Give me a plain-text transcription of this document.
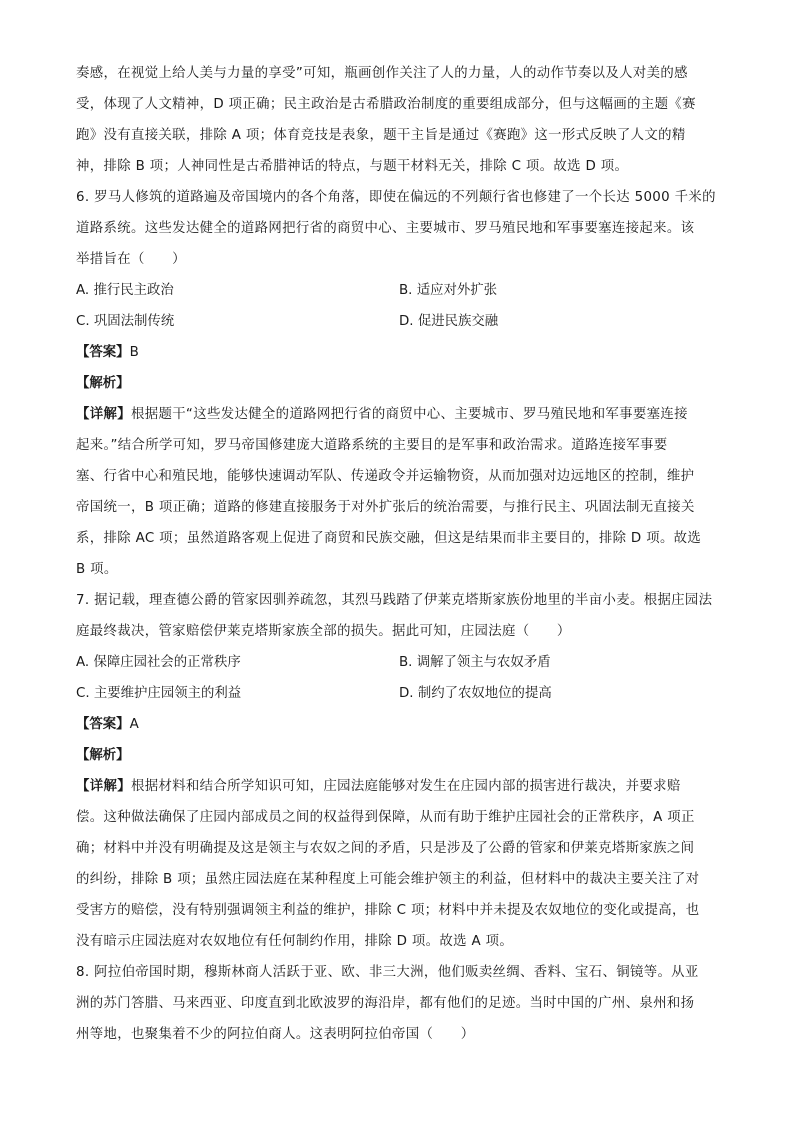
奏感，在视觉上给人美与力量的享受”可知，瓶画创作关注了人的力量，人的动作节奏以及人对美的感
受，体现了人文精神，D 项正确；民主政治是古希腊政治制度的重要组成部分，但与这幅画的主题《赛
跑》没有直接关联，排除 A 项；体育竞技是表象，题干主旨是通过《赛跑》这一形式反映了人文的精
神，排除 B 项；人神同性是古希腊神话的特点，与题干材料无关，排除 C 项。故选 D 项。
6. 罗马人修筑的道路遍及帝国境内的各个角落，即使在偏远的不列颠行省也修建了一个长达 5000 千米的
道路系统。这些发达健全的道路网把行省的商贸中心、主要城市、罗马殖民地和军事要塞连接起来。该
举措旨在（　　）
A. 推行民主政治	B. 适应对外扩张
C. 巩固法制传统	D. 促进民族交融
【答案】B
【解析】
【详解】根据题干“这些发达健全的道路网把行省的商贸中心、主要城市、罗马殖民地和军事要塞连接
起来。”结合所学可知，罗马帝国修建庞大道路系统的主要目的是军事和政治需求。道路连接军事要
塞、行省中心和殖民地，能够快速调动军队、传递政令并运输物资，从而加强对边远地区的控制，维护
帝国统一，B 项正确；道路的修建直接服务于对外扩张后的统治需要，与推行民主、巩固法制无直接关
系，排除 AC 项；虽然道路客观上促进了商贸和民族交融，但这是结果而非主要目的，排除 D 项。故选
B 项。
7. 据记载，理查德公爵的管家因驯养疏忽，其烈马践踏了伊莱克塔斯家族份地里的半亩小麦。根据庄园法
庭最终裁决，管家赔偿伊莱克塔斯家族全部的损失。据此可知，庄园法庭（　　）
A. 保障庄园社会的正常秩序	B. 调解了领主与农奴矛盾
C. 主要维护庄园领主的利益	D. 制约了农奴地位的提高
【答案】A
【解析】
【详解】根据材料和结合所学知识可知，庄园法庭能够对发生在庄园内部的损害进行裁决，并要求赔
偿。这种做法确保了庄园内部成员之间的权益得到保障，从而有助于维护庄园社会的正常秩序，A 项正
确；材料中并没有明确提及这是领主与农奴之间的矛盾，只是涉及了公爵的管家和伊莱克塔斯家族之间
的纠纷，排除 B 项；虽然庄园法庭在某种程度上可能会维护领主的利益，但材料中的裁决主要关注了对
受害方的赔偿，没有特别强调领主利益的维护，排除 C 项；材料中并未提及农奴地位的变化或提高，也
没有暗示庄园法庭对农奴地位有任何制约作用，排除 D 项。故选 A 项。
8. 阿拉伯帝国时期，穆斯林商人活跃于亚、欧、非三大洲，他们贩卖丝绸、香料、宝石、铜镜等。从亚
洲的苏门答腊、马来西亚、印度直到北欧波罗的海沿岸，都有他们的足迹。当时中国的广州、泉州和扬
州等地，也聚集着不少的阿拉伯商人。这表明阿拉伯帝国（　　）
